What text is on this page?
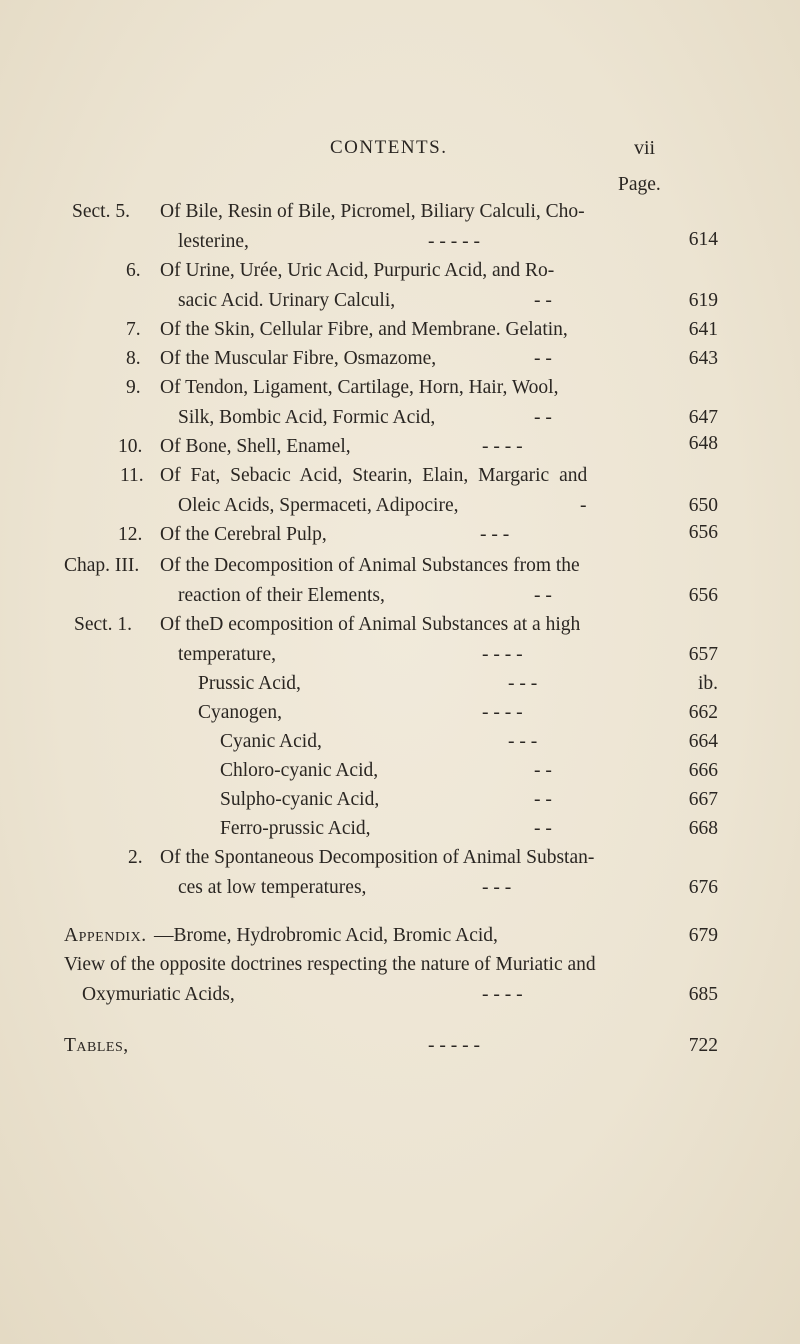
CONTENTS.	vii
Page.
Sect. 5. Of Bile, Resin of Bile, Picromel, Biliary Calculi, Cho-
lesterine,	- - - - -	614
6. Of Urine, Urée, Uric Acid, Purpuric Acid, and Ro-
sacic Acid. Urinary Calculi,	- -	619
7. Of the Skin, Cellular Fibre, and Membrane. Gelatin,	641
8. Of the Muscular Fibre, Osmazome,	- -	643
9. Of Tendon, Ligament, Cartilage, Horn, Hair, Wool,
Silk, Bombic Acid, Formic Acid,	- -	647
10. Of Bone, Shell, Enamel,	- - - -	648
11. Of Fat, Sebacic Acid, Stearin, Elain, Margaric and
Oleic Acids, Spermaceti, Adipocire,	-	650
12. Of the Cerebral Pulp,	- - -	656
Chap. III. Of the Decomposition of Animal Substances from the
reaction of their Elements,	- -	656
Sect. 1. Of theD ecomposition of Animal Substances at a high
temperature,	- - - -	657
Prussic Acid,	- - -	ib.
Cyanogen,	- - - -	662
Cyanic Acid,	- - -	664
Chloro-cyanic Acid,	- -	666
Sulpho-cyanic Acid,	- -	667
Ferro-prussic Acid,	- -	668
2. Of the Spontaneous Decomposition of Animal Substan-
ces at low temperatures,	- - -	676
Appendix. —Brome, Hydrobromic Acid, Bromic Acid,	679
View of the opposite doctrines respecting the nature of Muriatic and
Oxymuriatic Acids,	- - - -	685
Tables,	- - - - -	722
